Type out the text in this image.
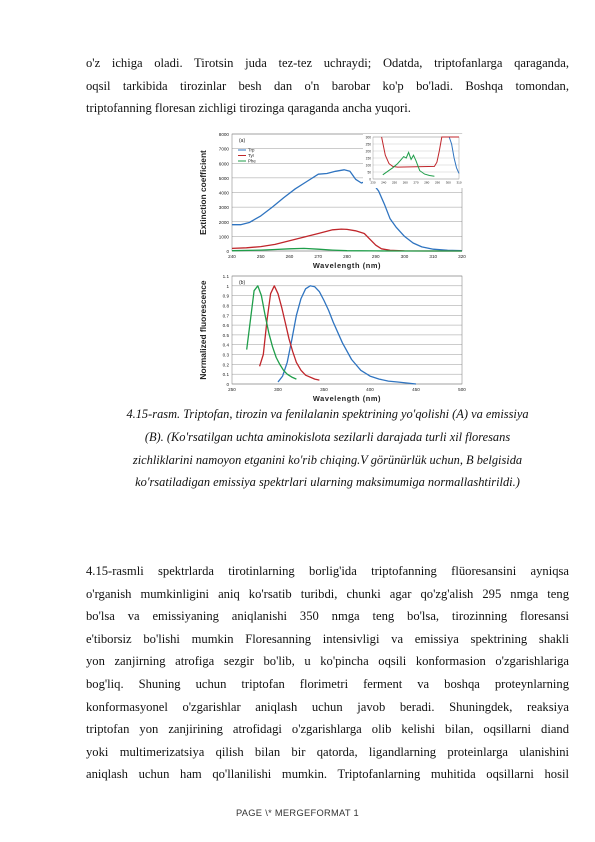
o'z ichiga oladi. Tirotsin juda tez-tez uchraydi; Odatda, triptofanlarga qaraganda,
oqsil tarkibida tirozinlar besh dan o'n barobar ko'p bo'ladi. Boshqa tomondan,
triptofanning floresan zichligi tirozinga qaraganda ancha yuqori.
0
1000
2000
3000
4000
5000
6000
7000
8000
240	250	260	270	280	290	300	310	320
Wavelength (nm)
Extinction coefficient
(a)
Trp
Tyr
Phe
0
50
100
150
200
250
300
230 240 250 260 270 280 290 300 310
0
0.1
0.2
0.3
0.4
0.5
0.6
0.7
0.8
0.9
1
1.1
250	300	350	400	450	500
Wavelength (nm)
Normalized fluorescence	(b)
4.15-rasm. Triptofan, tirozin va fenilalanin spektrining yo'qolishi (A) va emissiya
(B). (Ko'rsatilgan uchta aminokislota sezilarli darajada turli xil floresans
zichliklarini namoyon etganini ko'rib chiqing.V görünürlük uchun, B belgisida
ko'rsatiladigan emissiya spektrlari ularning maksimumiga normallashtirildi.)
4.15-rasmli spektrlarda tirotinlarning borlig'ida triptofanning flüoresansini ayniqsa
o'rganish mumkinligini aniq ko'rsatib turibdi, chunki agar qo'zg'alish 295 nmga teng
bo'lsa va emissiyaning aniqlanishi 350 nmga teng bo'lsa, tirozinning floresansi
e'tiborsiz bo'lishi mumkin Floresanning intensivligi va emissiya spektrining shakli
yon zanjirning atrofiga sezgir bo'lib, u ko'pincha oqsili konformasion o'zgarishlariga
bog'liq. Shuning uchun triptofan florimetri ferment va boshqa proteynlarning
konformasyonel o'zgarishlar aniqlash uchun javob beradi. Shuningdek, reaksiya
triptofan yon zanjirining atrofidagi o'zgarishlarga olib kelishi bilan, oqsillarni diand
yoki multimerizatsiya qilish bilan bir qatorda, ligandlarning proteinlarga ulanishini
aniqlash uchun ham qo'llanilishi mumkin. Triptofanlarning muhitida oqsillarni hosil
PAGE \* MERGEFORMAT 1
